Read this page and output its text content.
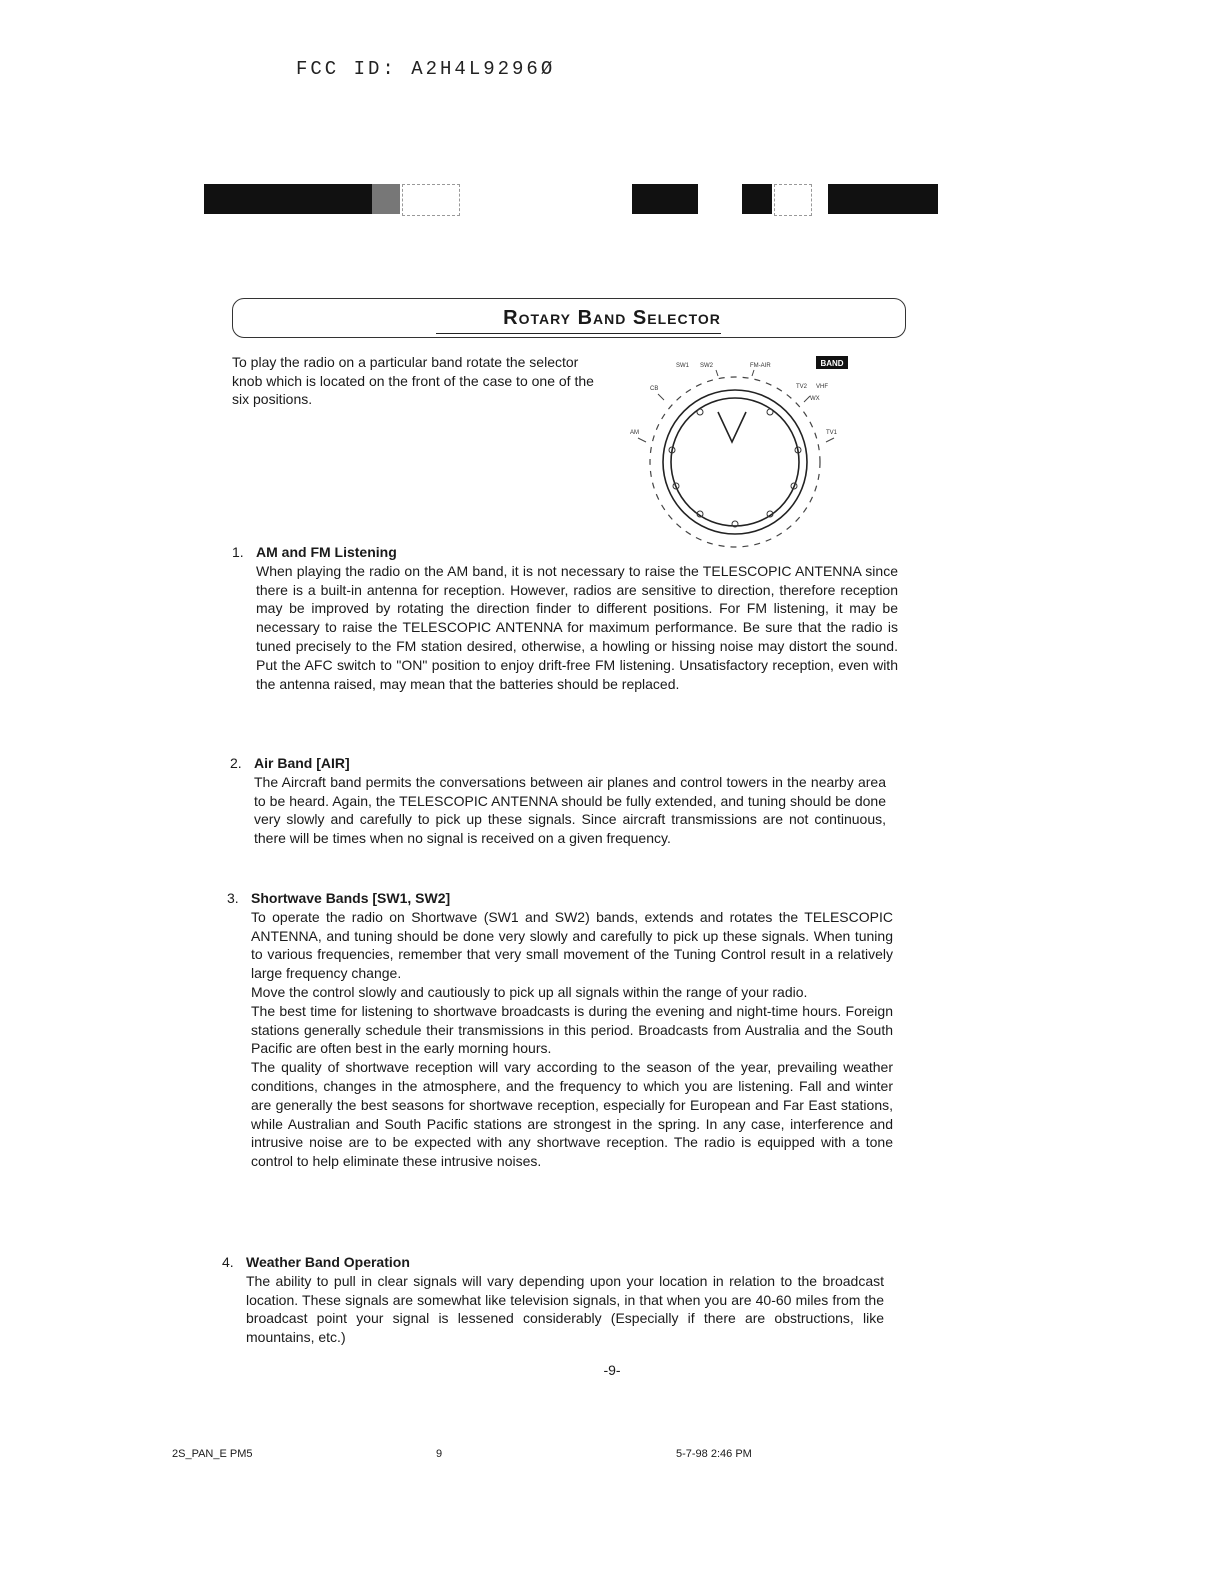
FCC ID: A2H4L9296Ø
Rotary Band Selector
To play the radio on a particular band rotate the selector knob which is located on the front of the case to one of the six positions.
SW1 SW2	FM-AIR
CB	TV2 VHF
WX
AM	TV1
BAND
1. AM and FM Listening

When playing the radio on the AM band, it is not necessary to raise the TELESCOPIC ANTENNA since there is a built-in antenna for reception. However, radios are sensitive to direction, therefore reception may be improved by rotating the direction finder to different positions. For FM listening, it may be necessary to raise the TELESCOPIC ANTENNA for maximum performance. Be sure that the radio is tuned precisely to the FM station desired, otherwise, a howling or hissing noise may distort the sound. Put the AFC switch to "ON" position to enjoy drift-free FM listening. Unsatisfactory reception, even with the antenna raised, may mean that the batteries should be replaced.

2. Air Band [AIR]

The Aircraft band permits the conversations between air planes and control towers in the nearby area to be heard. Again, the TELESCOPIC ANTENNA should be fully extended, and tuning should be done very slowly and carefully to pick up these signals. Since aircraft transmissions are not continuous, there will be times when no signal is received on a given frequency.

3. Shortwave Bands [SW1, SW2]

To operate the radio on Shortwave (SW1 and SW2) bands, extends and rotates the TELESCOPIC ANTENNA, and tuning should be done very slowly and carefully to pick up these signals. When tuning to various frequencies, remember that very small movement of the Tuning Control result in a relatively large frequency change.

Move the control slowly and cautiously to pick up all signals within the range of your radio.

The best time for listening to shortwave broadcasts is during the evening and night-time hours. Foreign stations generally schedule their transmissions in this period. Broadcasts from Australia and the South Pacific are often best in the early morning hours.

The quality of shortwave reception will vary according to the season of the year, prevailing weather conditions, changes in the atmosphere, and the frequency to which you are listening. Fall and winter are generally the best seasons for shortwave reception, especially for European and Far East stations, while Australian and South Pacific stations are strongest in the spring. In any case, interference and intrusive noise are to be expected with any shortwave reception. The radio is equipped with a tone control to help eliminate these intrusive noises.

4. Weather Band Operation

The ability to pull in clear signals will vary depending upon your location in relation to the broadcast location. These signals are somewhat like television signals, in that when you are 40-60 miles from the broadcast point your signal is lessened considerably (Especially if there are obstructions, like mountains, etc.)

-9-
2S_PAN_E PM5	9	5-7-98 2:46 PM
